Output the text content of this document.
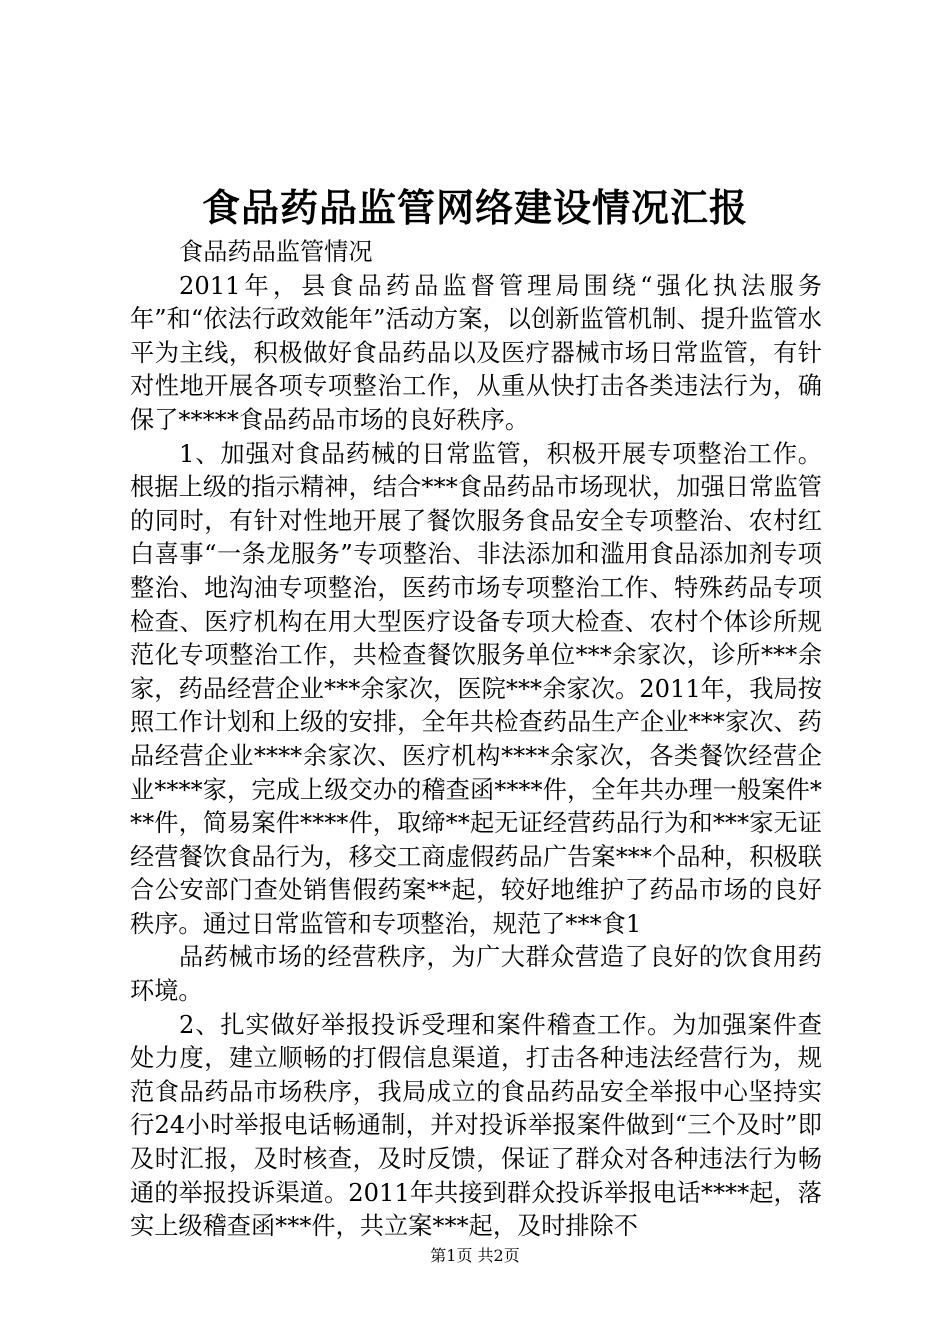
食品药品监管网络建设情况汇报

食品药品监管情况

2011年，县食品药品监督管理局围绕“强化执法服务年”和“依法行政效能年”活动方案，以创新监管机制、提升监管水平为主线，积极做好食品药品以及医疗器械市场日常监管，有针对性地开展各项专项整治工作，从重从快打击各类违法行为，确保了*****食品药品市场的良好秩序。

1、加强对食品药械的日常监管，积极开展专项整治工作。根据上级的指示精神，结合***食品药品市场现状，加强日常监管的同时，有针对性地开展了餐饮服务食品安全专项整治、农村红白喜事“一条龙服务”专项整治、非法添加和滥用食品添加剂专项整治、地沟油专项整治，医药市场专项整治工作、特殊药品专项检查、医疗机构在用大型医疗设备专项大检查、农村个体诊所规范化专项整治工作，共检查餐饮服务单位***余家次，诊所***余家，药品经营企业***余家次，医院***余家次。2011年，我局按照工作计划和上级的安排，全年共检查药品生产企业***家次、药品经营企业****余家次、医疗机构****余家次，各类餐饮经营企业****家，完成上级交办的稽查函****件，全年共办理一般案件***件，简易案件****件，取缔**起无证经营药品行为和***家无证经营餐饮食品行为，移交工商虚假药品广告案***个品种，积极联合公安部门查处销售假药案**起，较好地维护了药品市场的良好秩序。通过日常监管和专项整治，规范了***食1

品药械市场的经营秩序，为广大群众营造了良好的饮食用药环境。

2、扎实做好举报投诉受理和案件稽查工作。为加强案件查处力度，建立顺畅的打假信息渠道，打击各种违法经营行为，规范食品药品市场秩序，我局成立的食品药品安全举报中心坚持实行24小时举报电话畅通制，并对投诉举报案件做到“三个及时”即及时汇报，及时核查，及时反馈，保证了群众对各种违法行为畅通的举报投诉渠道。2011年共接到群众投诉举报电话****起，落实上级稽查函***件，共立案***起，及时排除不

第1页 共2页
